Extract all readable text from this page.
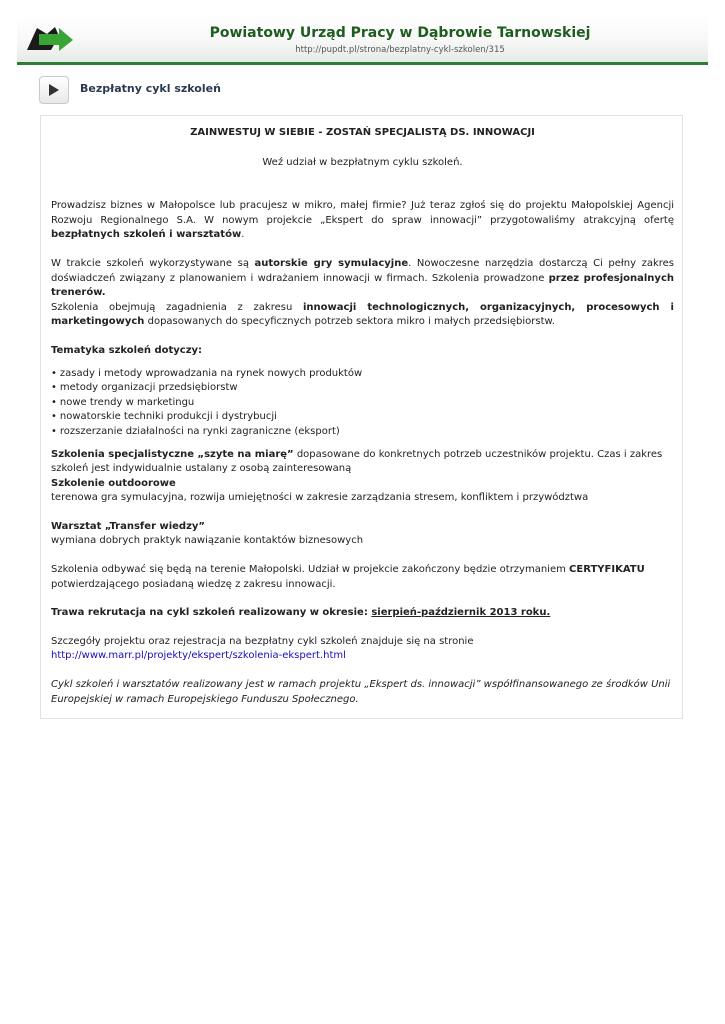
Powiatowy Urząd Pracy w Dąbrowie Tarnowskiej
http://pupdt.pl/strona/bezplatny-cykl-szkolen/315
Bezpłatny cykl szkoleń

ZAINWESTUJ W SIEBIE - ZOSTAŃ SPECJALISTĄ DS. INNOWACJI

Weź udział w bezpłatnym cyklu szkoleń.

Prowadzisz biznes w Małopolsce lub pracujesz w mikro, małej firmie? Już teraz zgłoś się do projektu Małopolskiej Agencji Rozwoju Regionalnego S.A. W nowym projekcie „Ekspert do spraw innowacji” przygotowaliśmy atrakcyjną ofertę bezpłatnych szkoleń i warsztatów.

W trakcie szkoleń wykorzystywane są autorskie gry symulacyjne. Nowoczesne narzędzia dostarczą Ci pełny zakres doświadczeń związany z planowaniem i wdrażaniem innowacji w firmach. Szkolenia prowadzone przez profesjonalnych trenerów.

Szkolenia obejmują zagadnienia z zakresu innowacji technologicznych, organizacyjnych, procesowych i marketingowych dopasowanych do specyficznych potrzeb sektora mikro i małych przedsiębiorstw.

Tematyka szkoleń dotyczy:

• zasady i metody wprowadzania na rynek nowych produktów
• metody organizacji przedsiębiorstw
• nowe trendy w marketingu
• nowatorskie techniki produkcji i dystrybucji
• rozszerzanie działalności na rynki zagraniczne (eksport)

Szkolenia specjalistyczne „szyte na miarę” dopasowane do konkretnych potrzeb uczestników projektu. Czas i zakres szkoleń jest indywidualnie ustalany z osobą zainteresowaną

Szkolenie outdoorowe

terenowa gra symulacyjna, rozwija umiejętności w zakresie zarządzania stresem, konfliktem i przywództwa

Warsztat „Transfer wiedzy”

wymiana dobrych praktyk nawiązanie kontaktów biznesowych

Szkolenia odbywać się będą na terenie Małopolski. Udział w projekcie zakończony będzie otrzymaniem CERTYFIKATU potwierdzającego posiadaną wiedzę z zakresu innowacji.

Trawa rekrutacja na cykl szkoleń realizowany w okresie: sierpień-październik 2013 roku.

Szczegóły projektu oraz rejestracja na bezpłatny cykl szkoleń znajduje się na stronie

http://www.marr.pl/projekty/ekspert/szkolenia-ekspert.html

Cykl szkoleń i warsztatów realizowany jest w ramach projektu „Ekspert ds. innowacji” współfinansowanego ze środków Unii Europejskiej w ramach Europejskiego Funduszu Społecznego.
